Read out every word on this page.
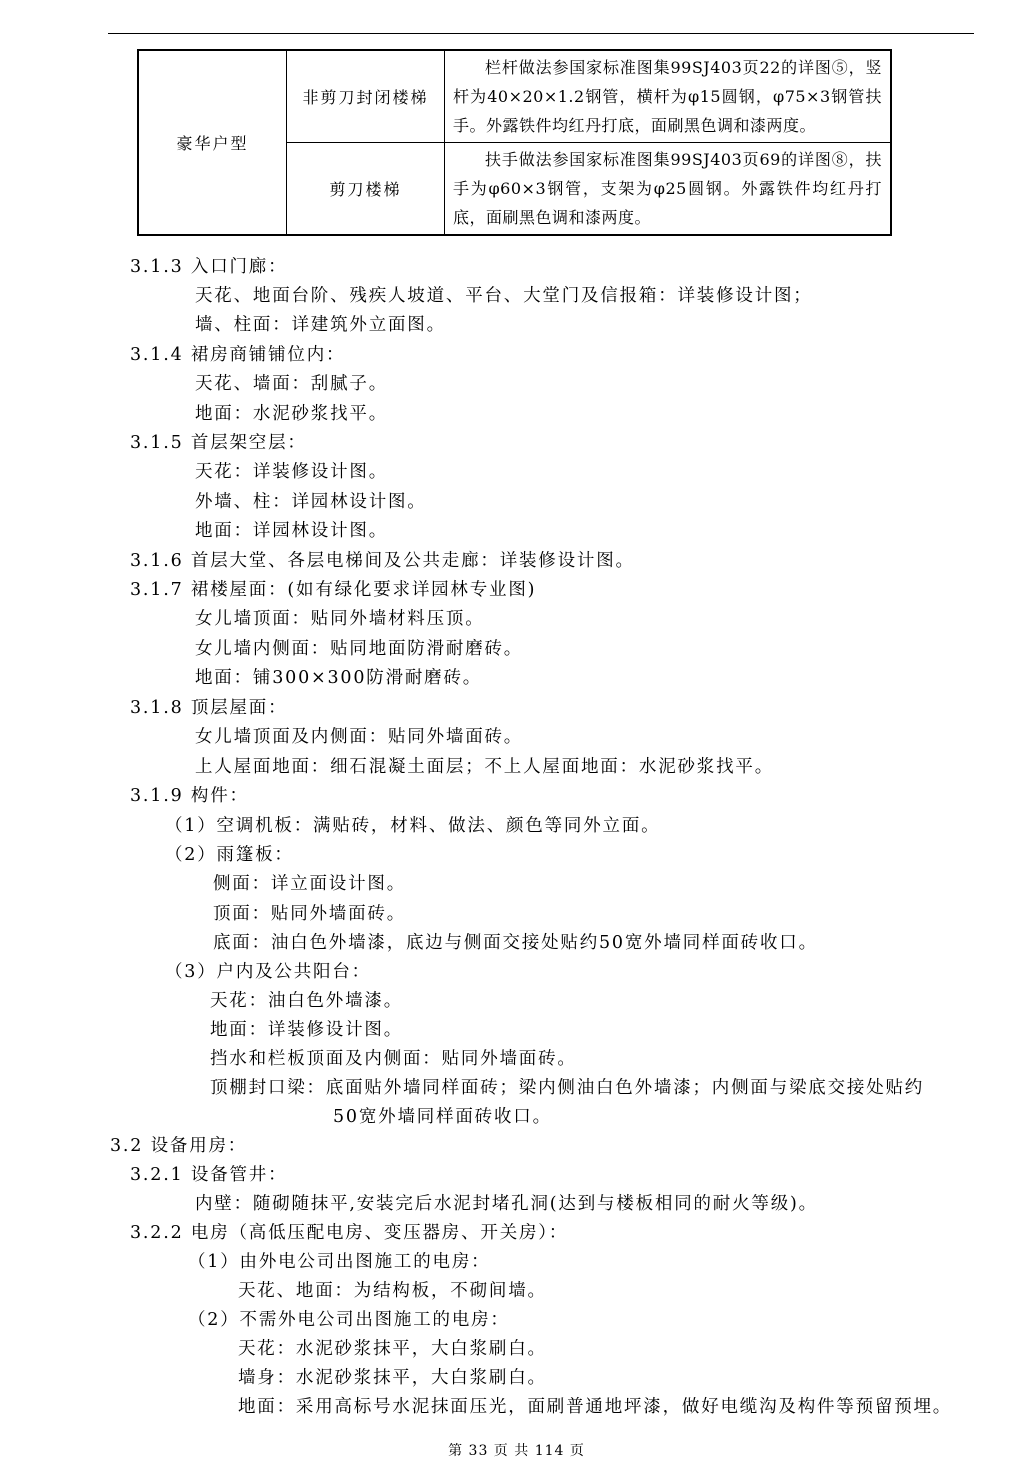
豪华户型	非剪刀封闭楼梯	栏杆做法参国家标准图集99SJ403页22的详图⑤，竖杆为40×20×1.2钢管，横杆为φ15圆钢，φ75×3钢管扶手。外露铁件均红丹打底，面刷黑色调和漆两度。

	剪刀楼梯	扶手做法参国家标准图集99SJ403页69的详图⑧，扶手为φ60×3钢管，支架为φ25圆钢。外露铁件均红丹打底，面刷黑色调和漆两度。
3.1.3 入口门廊：
天花、地面台阶、残疾人坡道、平台、大堂门及信报箱：详装修设计图；
墙、柱面：详建筑外立面图。
3.1.4 裙房商铺铺位内：
天花、墙面：刮腻子。
地面：水泥砂浆找平。
3.1.5 首层架空层：
天花：详装修设计图。
外墙、柱：详园林设计图。
地面：详园林设计图。
3.1.6 首层大堂、各层电梯间及公共走廊：详装修设计图。
3.1.7 裙楼屋面：(如有绿化要求详园林专业图)
女儿墙顶面：贴同外墙材料压顶。
女儿墙内侧面：贴同地面防滑耐磨砖。
地面：铺300×300防滑耐磨砖。
3.1.8 顶层屋面：
女儿墙顶面及内侧面：贴同外墙面砖。
上人屋面地面：细石混凝土面层；不上人屋面地面：水泥砂浆找平。
3.1.9 构件：
（1）空调机板：满贴砖，材料、做法、颜色等同外立面。
（2）雨篷板：
侧面：详立面设计图。
顶面：贴同外墙面砖。
底面：油白色外墙漆，底边与侧面交接处贴约50宽外墙同样面砖收口。
（3）户内及公共阳台：
天花：油白色外墙漆。
地面：详装修设计图。
挡水和栏板顶面及内侧面：贴同外墙面砖。
顶棚封口梁：底面贴外墙同样面砖；梁内侧油白色外墙漆；内侧面与梁底交接处贴约
50宽外墙同样面砖收口。
3.2 设备用房：
3.2.1 设备管井：
内壁：随砌随抹平,安装完后水泥封堵孔洞(达到与楼板相同的耐火等级)。
3.2.2 电房（高低压配电房、变压器房、开关房）：
（1）由外电公司出图施工的电房：
天花、地面：为结构板，不砌间墙。
（2）不需外电公司出图施工的电房：
天花：水泥砂浆抹平，大白浆刷白。
墙身：水泥砂浆抹平，大白浆刷白。
地面：采用高标号水泥抹面压光，面刷普通地坪漆，做好电缆沟及构件等预留预埋。
第 33 页 共 114 页
